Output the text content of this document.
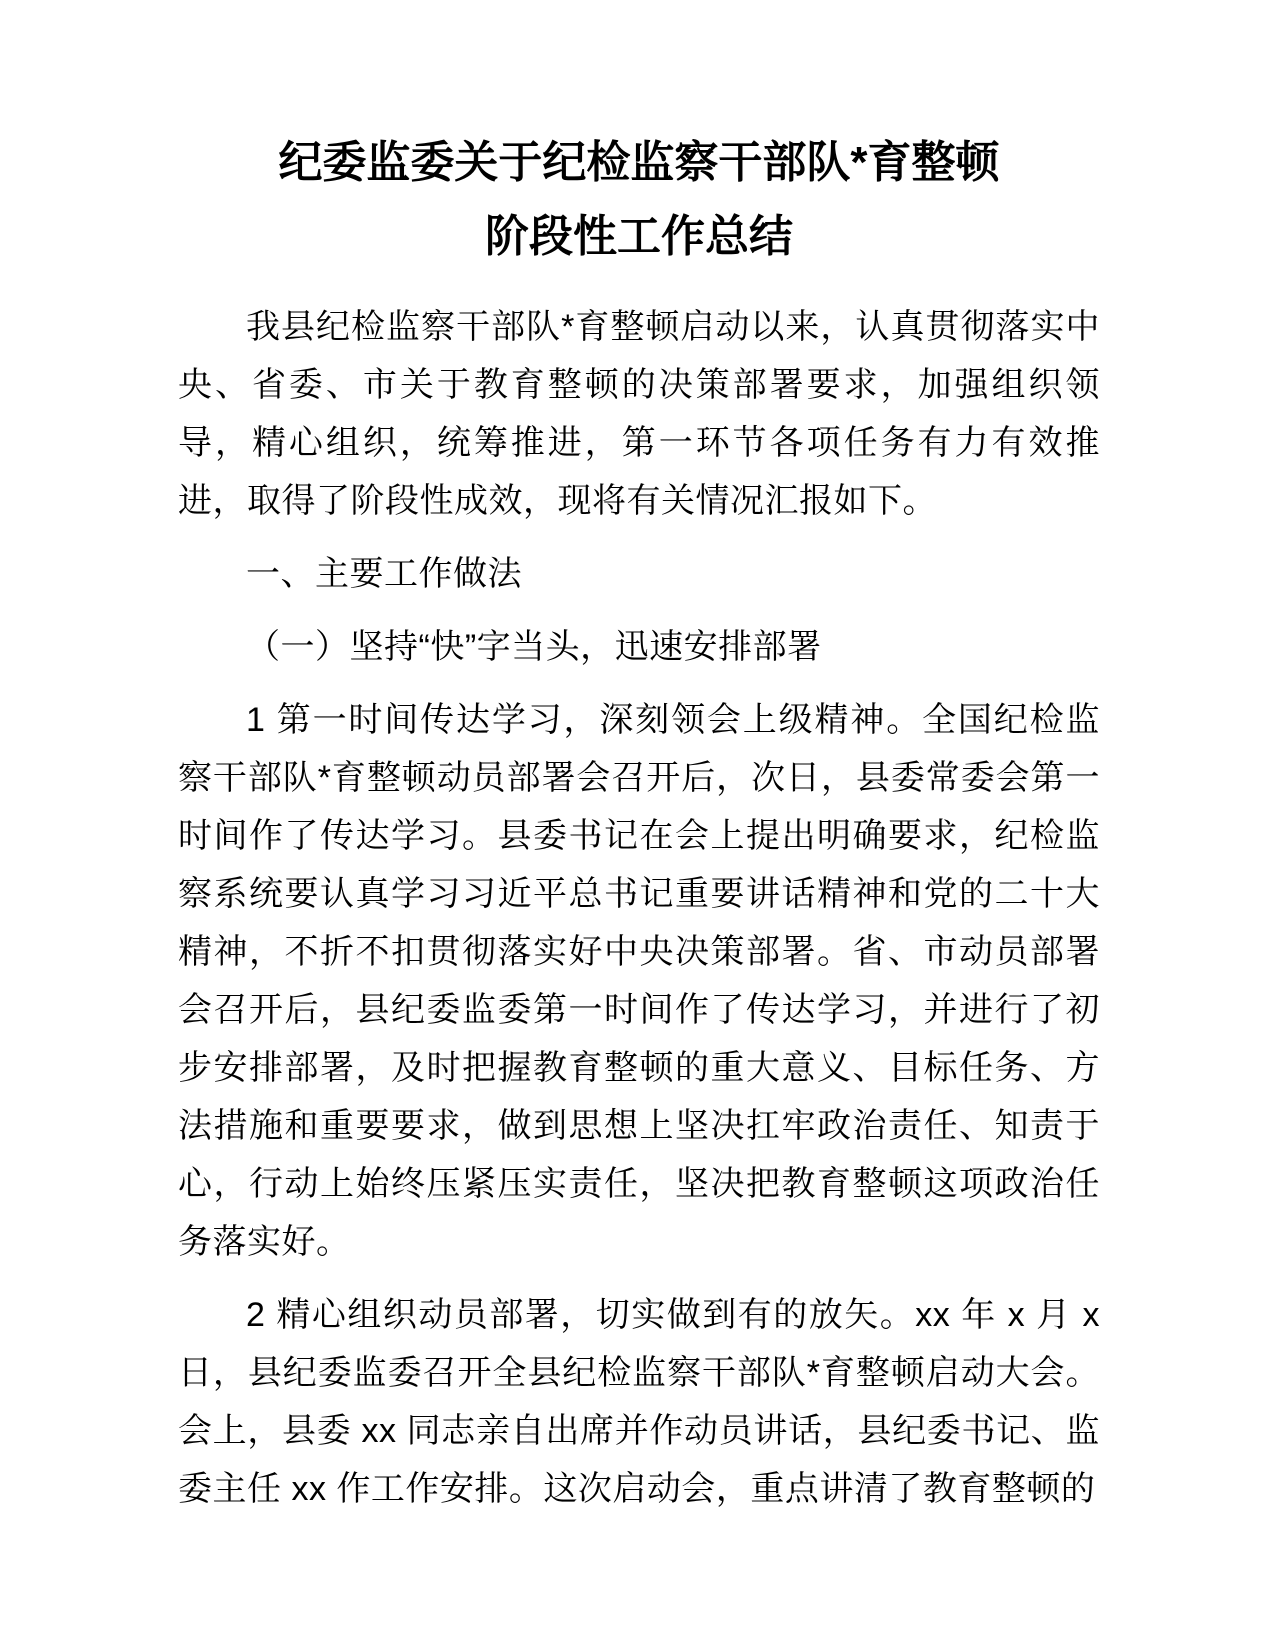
纪委监委关于纪检监察干部队*育整顿
阶段性工作总结

我县纪检监察干部队*育整顿启动以来，认真贯彻落实中央、省委、市关于教育整顿的决策部署要求，加强组织领导，精心组织，统筹推进，第一环节各项任务有力有效推进，取得了阶段性成效，现将有关情况汇报如下。

一、主要工作做法

（一）坚持“快”字当头，迅速安排部署

1 第一时间传达学习，深刻领会上级精神。全国纪检监察干部队*育整顿动员部署会召开后，次日，县委常委会第一时间作了传达学习。县委书记在会上提出明确要求，纪检监察系统要认真学习习近平总书记重要讲话精神和党的二十大精神，不折不扣贯彻落实好中央决策部署。省、市动员部署会召开后，县纪委监委第一时间作了传达学习，并进行了初步安排部署，及时把握教育整顿的重大意义、目标任务、方法措施和重要要求，做到思想上坚决扛牢政治责任、知责于心，行动上始终压紧压实责任，坚决把教育整顿这项政治任务落实好。

2 精心组织动员部署，切实做到有的放矢。xx 年 x 月 x 日，县纪委监委召开全县纪检监察干部队*育整顿启动大会。会上，县委 xx 同志亲自出席并作动员讲话，县纪委书记、监委主任 xx 作工作安排。这次启动会，重点讲清了教育整顿的
